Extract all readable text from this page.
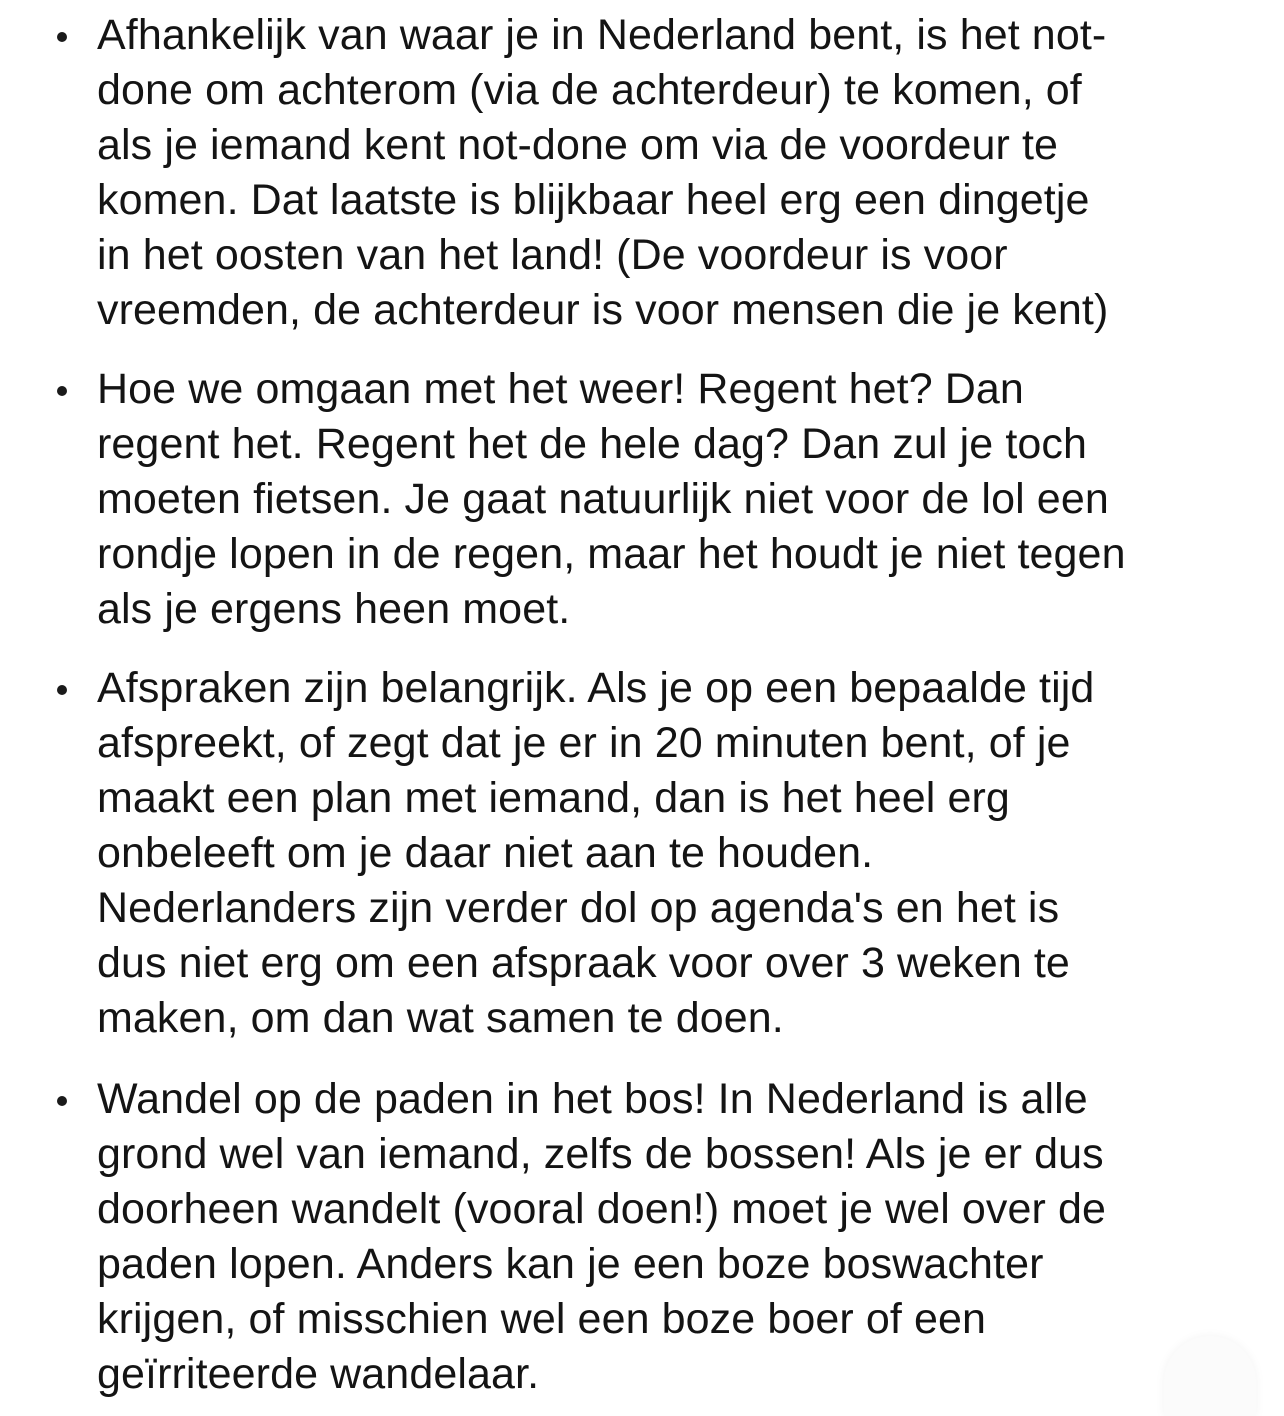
Afhankelijk van waar je in Nederland bent, is het not-
done om achterom (via de achterdeur) te komen, of
als je iemand kent not-done om via de voordeur te
komen. Dat laatste is blijkbaar heel erg een dingetje
in het oosten van het land! (De voordeur is voor
vreemden, de achterdeur is voor mensen die je kent)
Hoe we omgaan met het weer! Regent het? Dan
regent het. Regent het de hele dag? Dan zul je toch
moeten fietsen. Je gaat natuurlijk niet voor de lol een
rondje lopen in de regen, maar het houdt je niet tegen
als je ergens heen moet.
Afspraken zijn belangrijk. Als je op een bepaalde tijd
afspreekt, of zegt dat je er in 20 minuten bent, of je
maakt een plan met iemand, dan is het heel erg
onbeleeft om je daar niet aan te houden.
Nederlanders zijn verder dol op agenda's en het is
dus niet erg om een afspraak voor over 3 weken te
maken, om dan wat samen te doen.
Wandel op de paden in het bos! In Nederland is alle
grond wel van iemand, zelfs de bossen! Als je er dus
doorheen wandelt (vooral doen!) moet je wel over de
paden lopen. Anders kan je een boze boswachter
krijgen, of misschien wel een boze boer of een
geïrriteerde wandelaar.
